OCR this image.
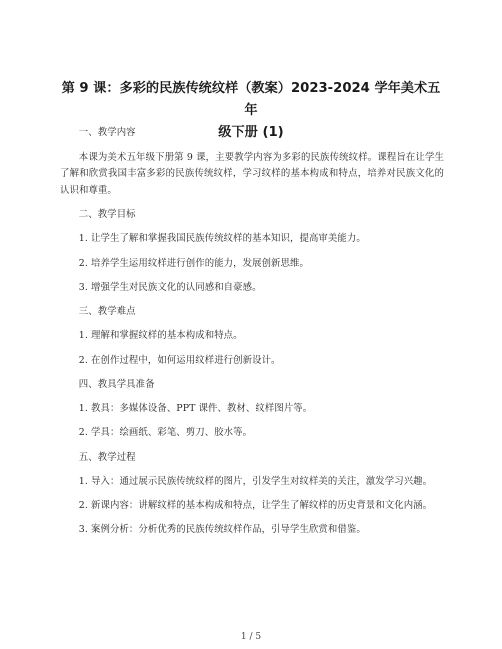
第 9 课：多彩的民族传统纹样（教案）2023-2024 学年美术五年
级下册 (1)

一、教学内容

本课为美术五年级下册第 9 课，主要教学内容为多彩的民族传统纹样。课程旨在让学生了解和欣赏我国丰富多彩的民族传统纹样，学习纹样的基本构成和特点，培养对民族文化的认识和尊重。

二、教学目标

1. 让学生了解和掌握我国民族传统纹样的基本知识，提高审美能力。

2. 培养学生运用纹样进行创作的能力，发展创新思维。

3. 增强学生对民族文化的认同感和自豪感。

三、教学难点

1. 理解和掌握纹样的基本构成和特点。

2. 在创作过程中，如何运用纹样进行创新设计。

四、教具学具准备

1. 教具：多媒体设备、PPT 课件、教材、纹样图片等。

2. 学具：绘画纸、彩笔、剪刀、胶水等。

五、教学过程

1. 导入：通过展示民族传统纹样的图片，引发学生对纹样美的关注，激发学习兴趣。

2. 新课内容：讲解纹样的基本构成和特点，让学生了解纹样的历史背景和文化内涵。

3. 案例分析：分析优秀的民族传统纹样作品，引导学生欣赏和借鉴。

1 / 5
